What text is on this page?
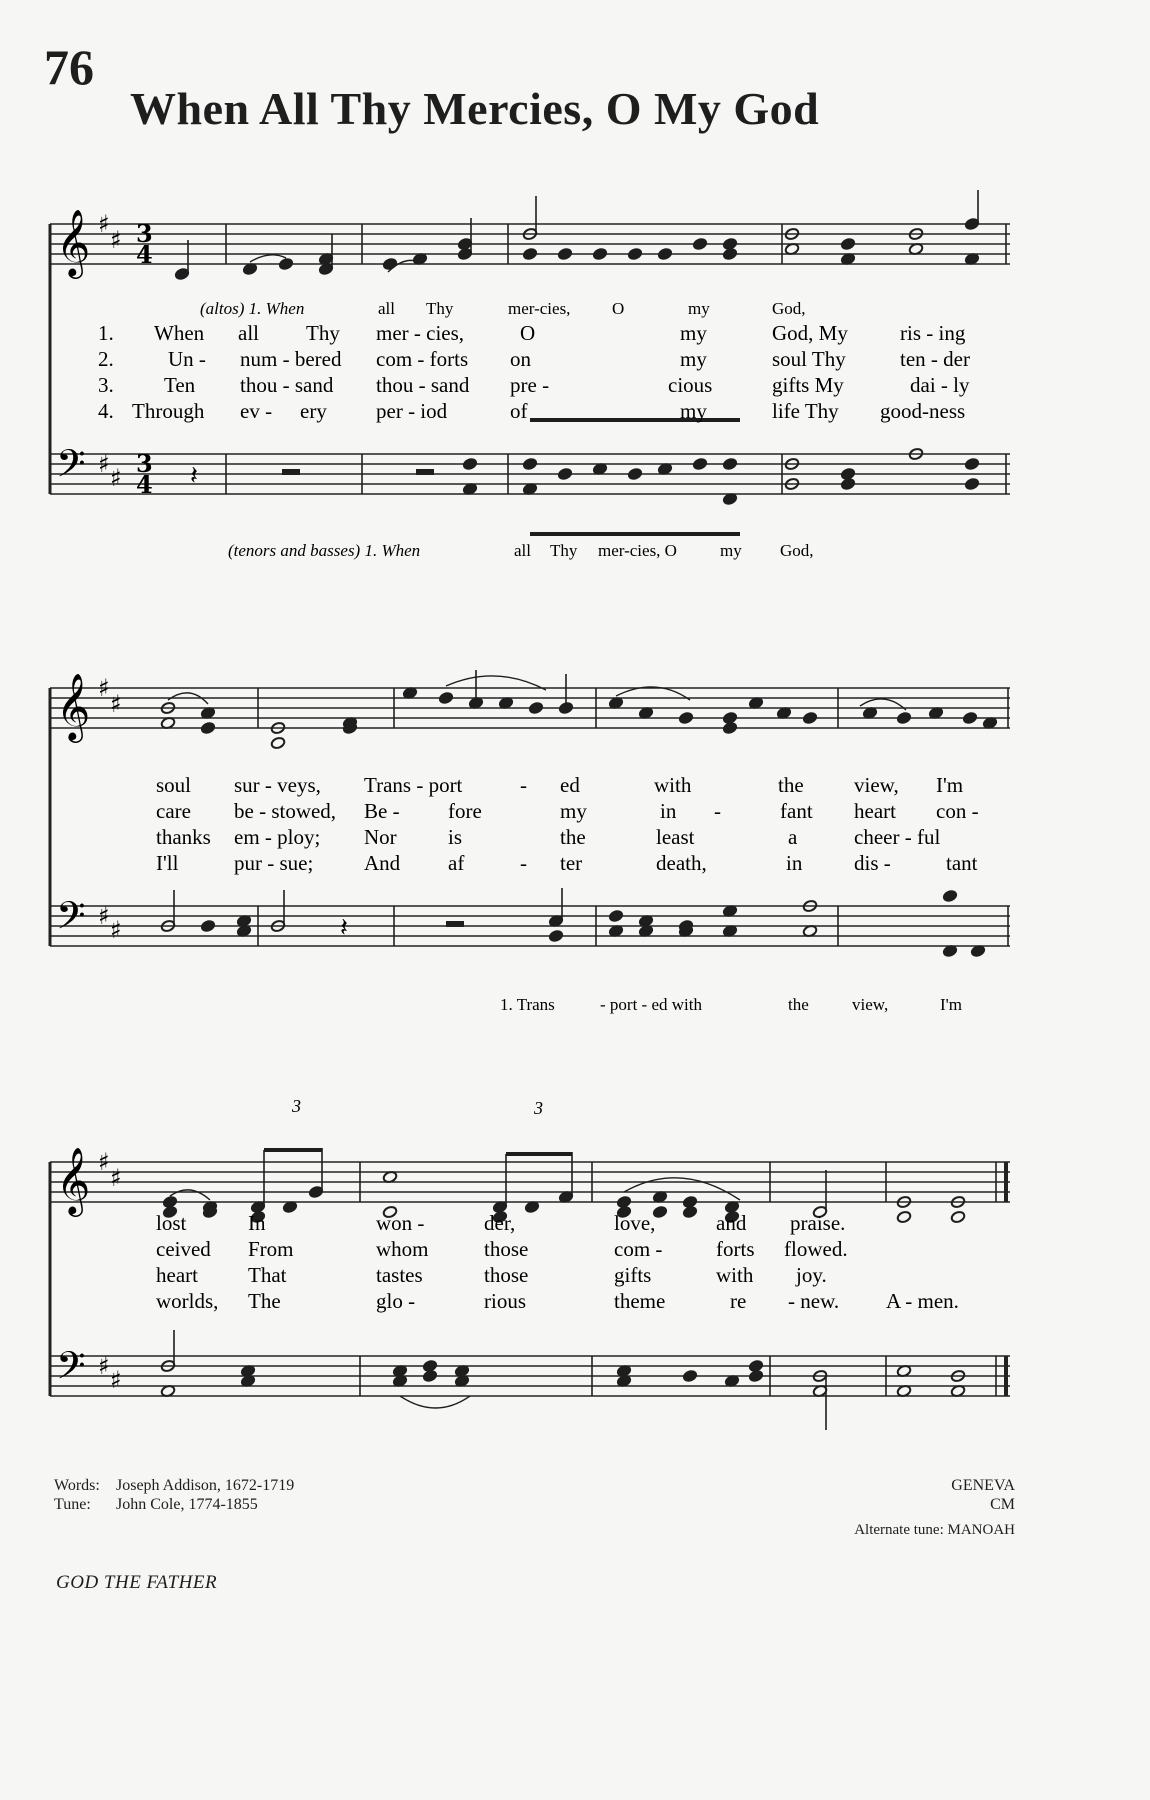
76
When All Thy Mercies, O My God
𝄞
𝄢
♯
♯
♯ ♯
3
4
3
4 𝄽
(altos) 1. When	all Thy	mer-cies, O	my	God,
1. When all Thy mer - cies,	O	my	God, My ris - ing
2.	Un - num - bered com - forts on	my	soul Thy	ten - der
3. Ten thou - sand thou - sand pre -	cious	gifts My	dai - ly
4. Through ev - ery per - iod	of	my	life Thy good-ness
(tenors and basses) 1. When	all Thy mer-cies, O	my God,
𝄞
𝄢
♯
♯
♯ ♯	𝄽
soul sur - veys, Trans - port	- ed	with	the view, I'm
care be - stowed, Be - fore	my	in -	fant heart con -
thanks em - ploy; Nor is	the	least	a	cheer - ful
I'll	pur - sue; And af	- ter	death,	in dis -	tant
1. Trans	- port - ed with	the	view,	I'm
𝄞
𝄢
♯
♯
♯ ♯
3	3
lost	In	won -	der,	love,	and praise.
ceived From	whom	those	com -	forts flowed.
heart That	tastes	those	gifts	with joy.
worlds, The	glo -	rious	theme	re - new. A - men.
Words:	Joseph Addison, 1672-1719
Tune:	John Cole, 1774-1855
GENEVA
CM
Alternate tune: MANOAH
GOD THE FATHER
